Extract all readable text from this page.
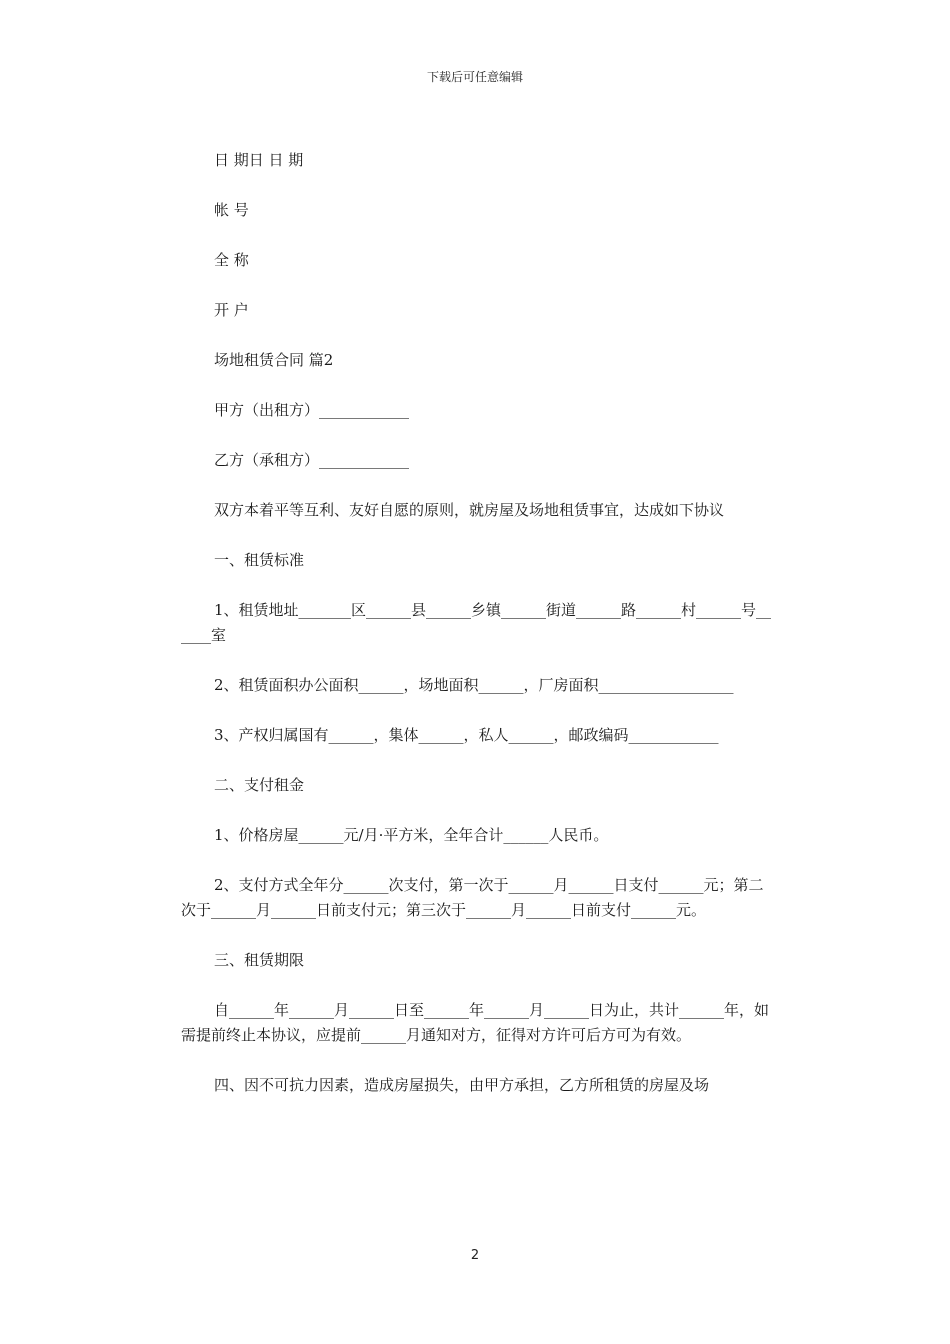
下载后可任意编辑

日 期日 日 期

帐 号

全 称

开 户

场地租赁合同 篇2

甲方（出租方）____________

乙方（承租方）____________

双方本着平等互利、友好自愿的原则，就房屋及场地租赁事宜，达成如下协议

一、租赁标准

1、租赁地址_______区______县______乡镇______街道______路______村______号______室

2、租赁面积办公面积______，场地面积______，厂房面积__________________

3、产权归属国有______，集体______，私人______，邮政编码____________

二、支付租金

1、价格房屋______元/月·平方米，全年合计______人民币。

2、支付方式全年分______次支付，第一次于______月______日支付______元；第二次于______月______日前支付元；第三次于______月______日前支付______元。

三、租赁期限

自______年______月______日至______年______月______日为止，共计______年，如需提前终止本协议，应提前______月通知对方，征得对方许可后方可为有效。

四、因不可抗力因素，造成房屋损失，由甲方承担，乙方所租赁的房屋及场

2
